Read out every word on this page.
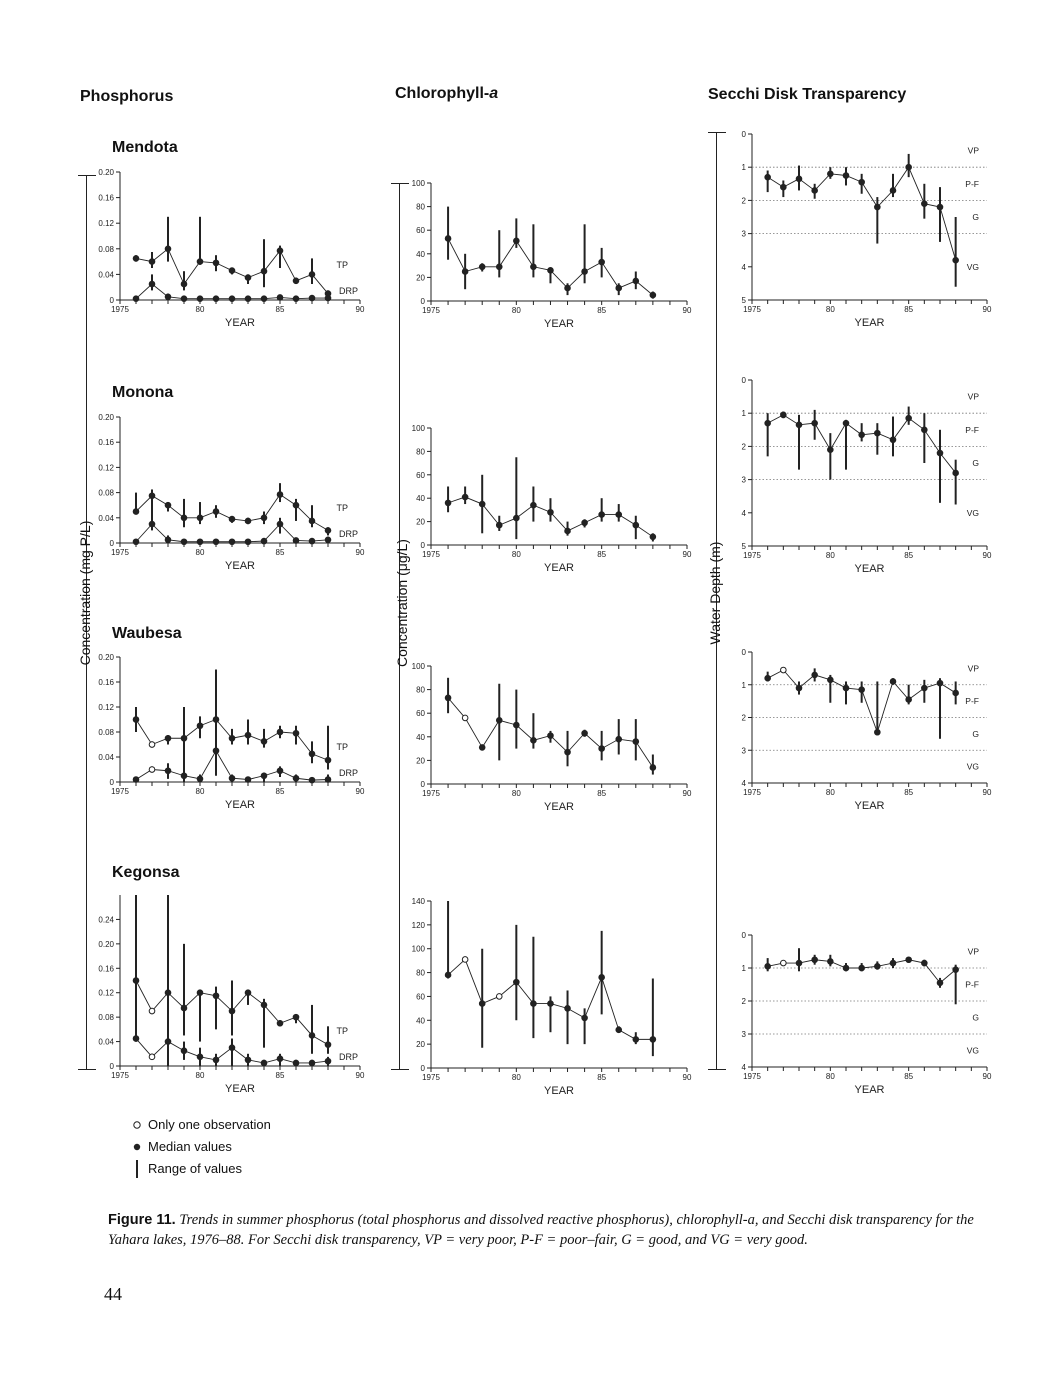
Phosphorus	Chlorophyll-a	Secchi Disk Transparency
Mendota
Monona
Waubesa
Kegonsa
Concentration (mg P/L)	Concentration (μg/L)	Water Depth (m)
0
0.04
0.08
0.12
0.16
0.20
1975	80	85	90
YEAR
TP
DRP
0
0.04
0.08
0.12
0.16
0.20
1975	80	85	90
YEAR
TP
DRP
0
0.04
0.08
0.12
0.16
0.20
1975	80	85	90
YEAR
TP
DRP
0
0.04
0.08
0.12
0.16
0.20
0.24
1975	80	85	90
YEAR
TP
DRP
0
20
40
60
80
100
1975	80	85	90
YEAR
0
20
40
60
80
100
1975	80	85	90
YEAR
0
20
40
60
80
100
1975	80	85	90
YEAR
0
20
40
60
80
100
120
140
1975	80	85	90
YEAR
0
1
2
3
4
5
1975	80	85	90
YEAR
VP
P-F
G
VG
0
1
2
3
4
5
1975	80	85	90
YEAR
VP
P-F
G
VG
0
1
2
3
4
1975	80	85	90
YEAR
VP
P-F
G
VG
0
1
2
3
4
1975	80	85	90
YEAR
VP
P-F
G
VG
Only one observation
Median values
Range of values
Figure 11. Trends in summer phosphorus (total phosphorus and dissolved reactive phosphorus), chlorophyll-a, and Secchi disk transparency for the Yahara lakes, 1976–88. For Secchi disk transparency, VP = very poor, P-F = poor–fair, G = good, and VG = very good.
44
